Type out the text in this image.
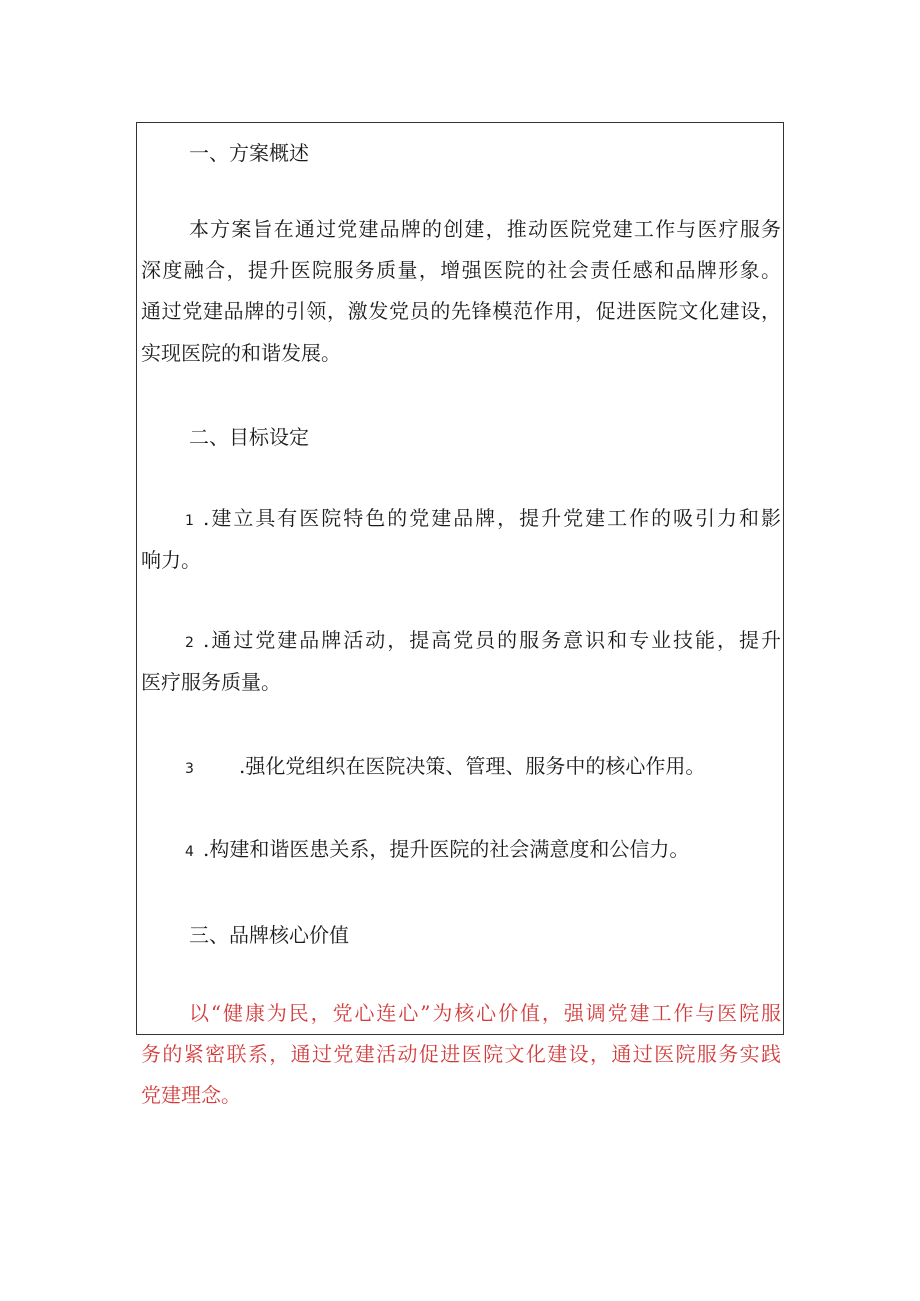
一、方案概述
本方案旨在通过党建品牌的创建，推动医院党建工作与医疗服务
深度融合，提升医院服务质量，增强医院的社会责任感和品牌形象。
通过党建品牌的引领，激发党员的先锋模范作用，促进医院文化建设，
实现医院的和谐发展。
二、目标设定
1 .建立具有医院特色的党建品牌，提升党建工作的吸引力和影
响力。
2 .通过党建品牌活动，提高党员的服务意识和专业技能，提升
医疗服务质量。
3 .强化党组织在医院决策、管理、服务中的核心作用。
4 .构建和谐医患关系，提升医院的社会满意度和公信力。
三、品牌核心价值
以“健康为民，党心连心”为核心价值，强调党建工作与医院服
务的紧密联系，通过党建活动促进医院文化建设，通过医院服务实践
党建理念。
